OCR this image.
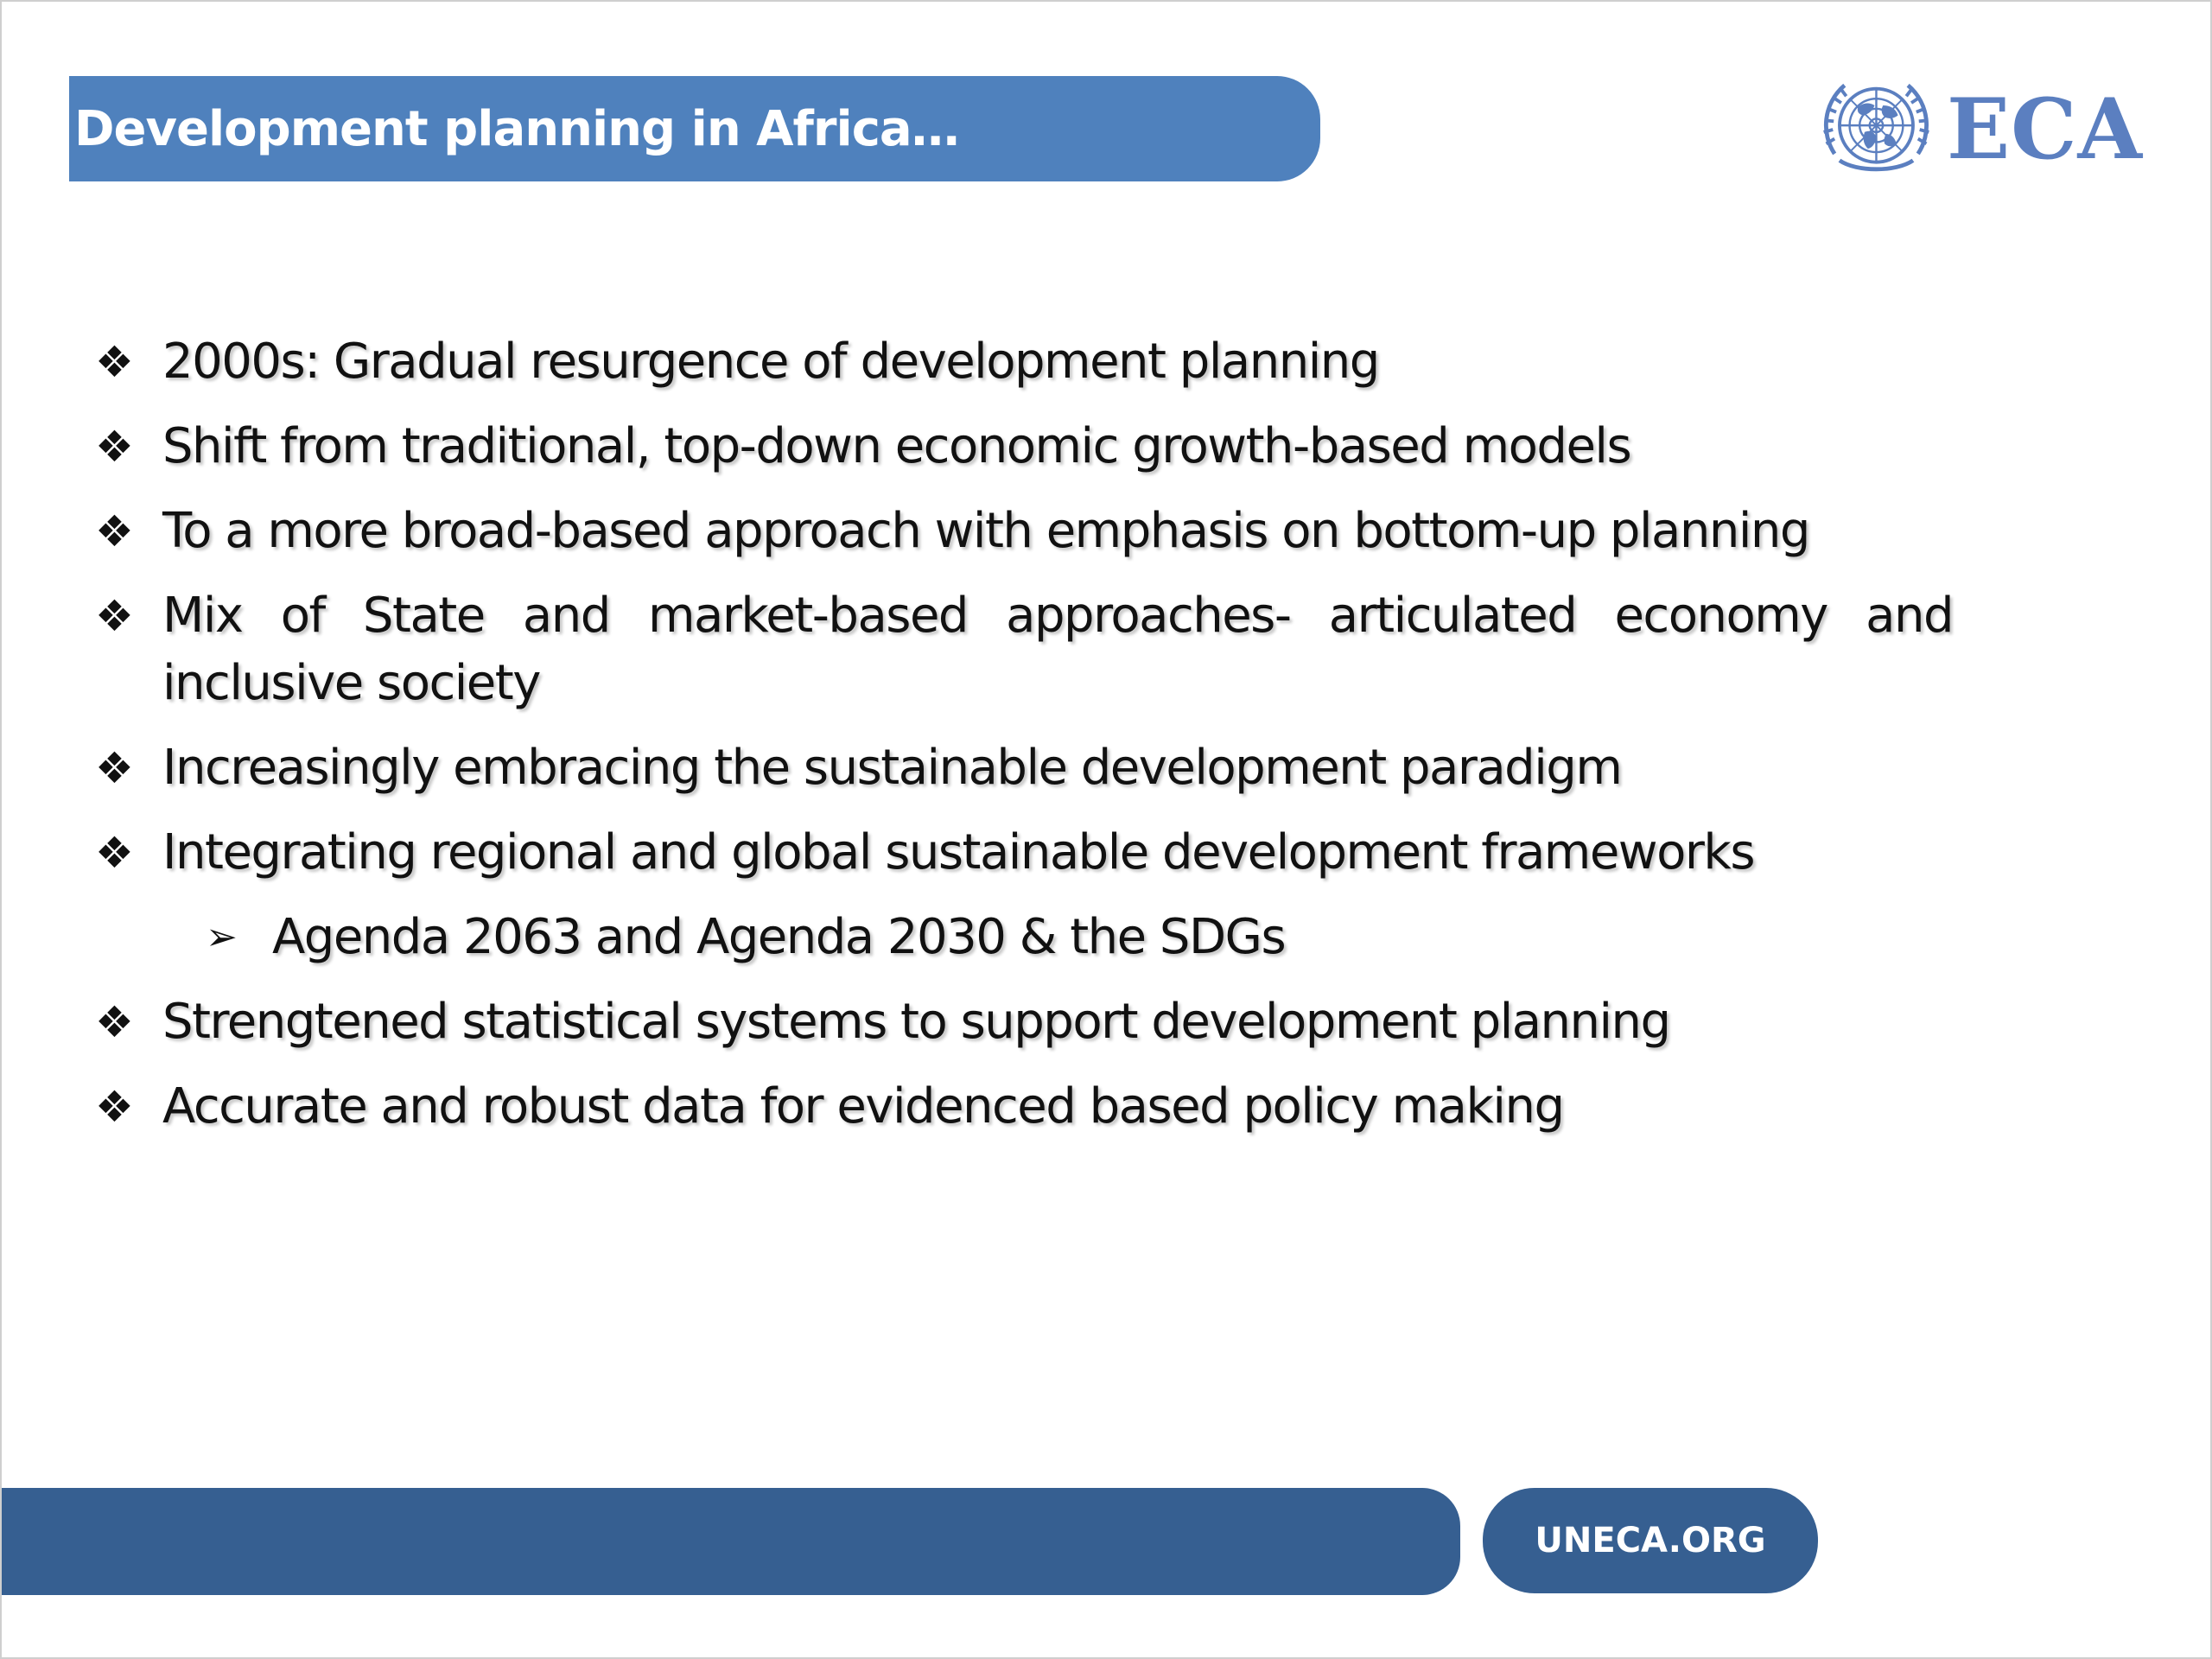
Development planning in Africa…	ECA
❖ 2000s: Gradual resurgence of development planning
❖ Shift from traditional, top-down economic growth-based models
❖ To a more broad-based approach with emphasis on bottom-up planning
❖ Mix of State and market-based approaches- articulated economy and inclusive society
❖ Increasingly embracing the sustainable development paradigm
❖ Integrating regional and global sustainable development frameworks
➢ Agenda 2063 and Agenda 2030 & the SDGs
❖ Strengtened statistical systems to support development planning
❖ Accurate and robust data for evidenced based policy making
UNECA.ORG
